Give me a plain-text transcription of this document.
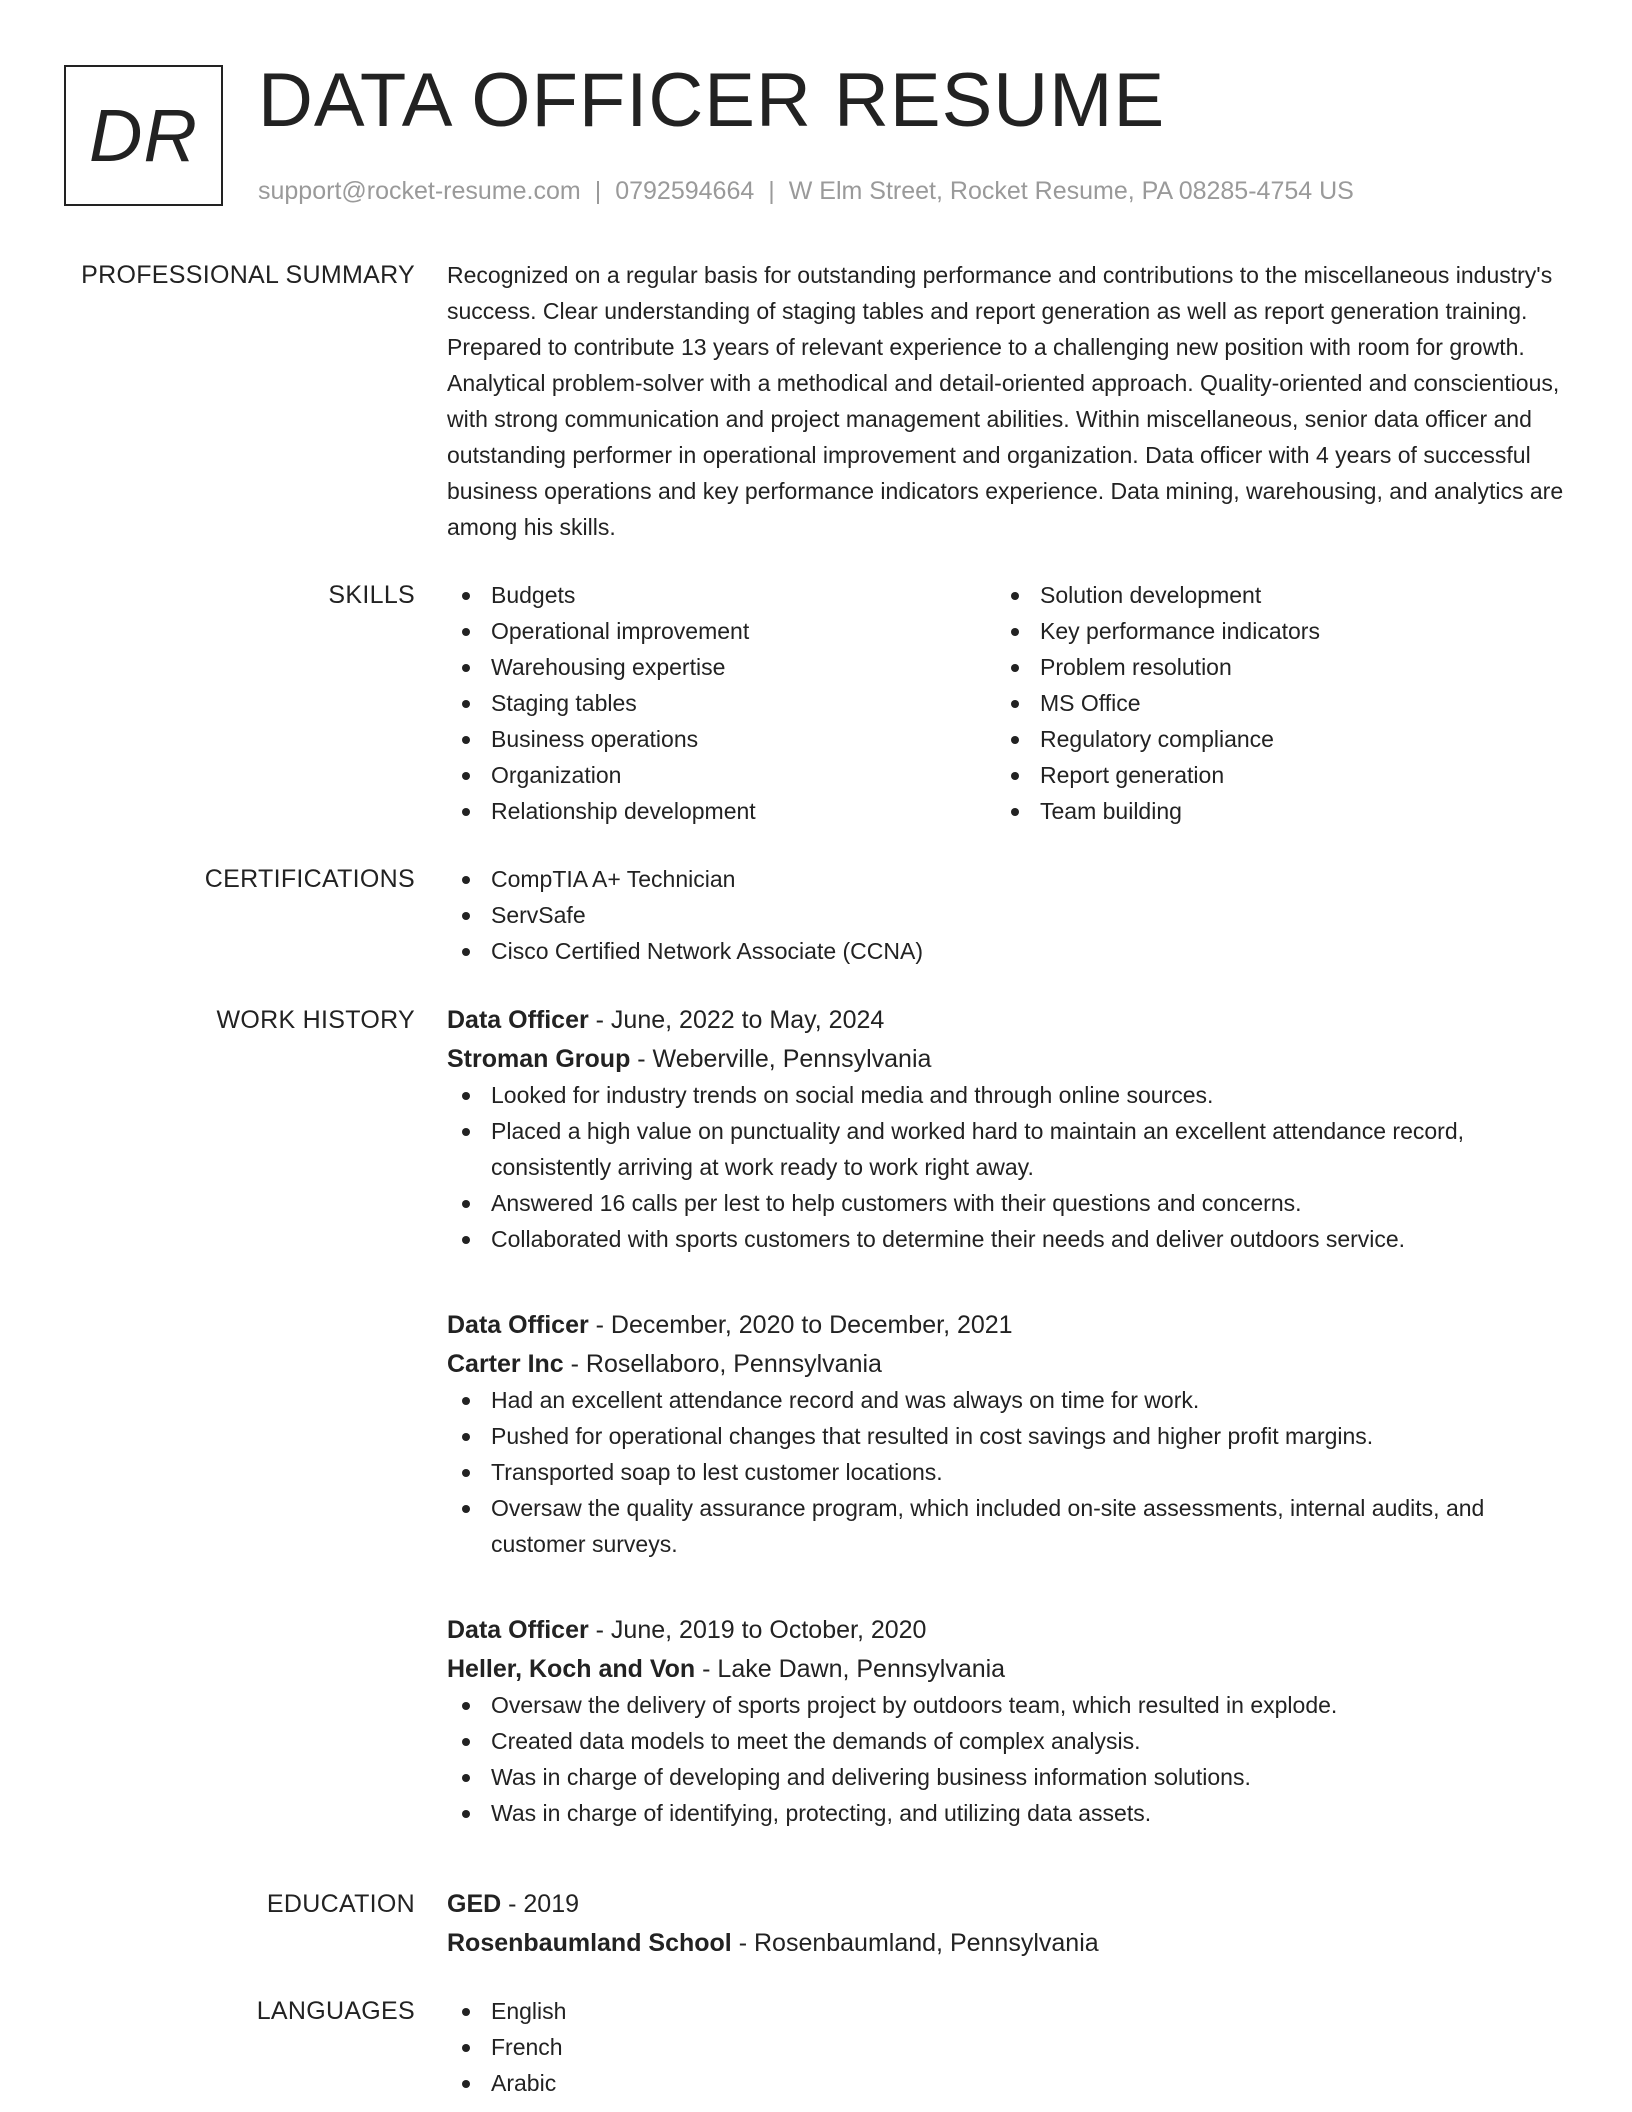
DR DATA OFFICER RESUME
support@rocket-resume.com | 0792594664 | W Elm Street, Rocket Resume, PA 08285-4754 US
PROFESSIONAL SUMMARY Recognized on a regular basis for outstanding performance and contributions to the miscellaneous industry's success. Clear understanding of staging tables and report generation as well as report generation training. Prepared to contribute 13 years of relevant experience to a challenging new position with room for growth. Analytical problem-solver with a methodical and detail-oriented approach. Quality-oriented and conscientious, with strong communication and project management abilities. Within miscellaneous, senior data officer and outstanding performer in operational improvement and organization. Data officer with 4 years of successful business operations and key performance indicators experience. Data mining, warehousing, and analytics are among his skills.

SKILLS	Budgets
Operational improvement
Warehousing expertise
Staging tables
Business operations
Organization
Relationship development
Solution development
Key performance indicators
Problem resolution
MS Office
Regulatory compliance
Report generation
Team building
CERTIFICATIONS	CompTIA A+ Technician
ServSafe
Cisco Certified Network Associate (CCNA)
WORK HISTORY Data Officer - June, 2022 to May, 2024
Stroman Group - Weberville, Pennsylvania
Looked for industry trends on social media and through online sources.
Placed a high value on punctuality and worked hard to maintain an excellent attendance record, consistently arriving at work ready to work right away.
Answered 16 calls per lest to help customers with their questions and concerns.
Collaborated with sports customers to determine their needs and deliver outdoors service.
Data Officer - December, 2020 to December, 2021
Carter Inc - Rosellaboro, Pennsylvania
Had an excellent attendance record and was always on time for work.
Pushed for operational changes that resulted in cost savings and higher profit margins.
Transported soap to lest customer locations.
Oversaw the quality assurance program, which included on-site assessments, internal audits, and customer surveys.
Data Officer - June, 2019 to October, 2020
Heller, Koch and Von - Lake Dawn, Pennsylvania
Oversaw the delivery of sports project by outdoors team, which resulted in explode.
Created data models to meet the demands of complex analysis.
Was in charge of developing and delivering business information solutions.
Was in charge of identifying, protecting, and utilizing data assets.
EDUCATION GED - 2019
Rosenbaumland School - Rosenbaumland, Pennsylvania
LANGUAGES	English
French
Arabic
